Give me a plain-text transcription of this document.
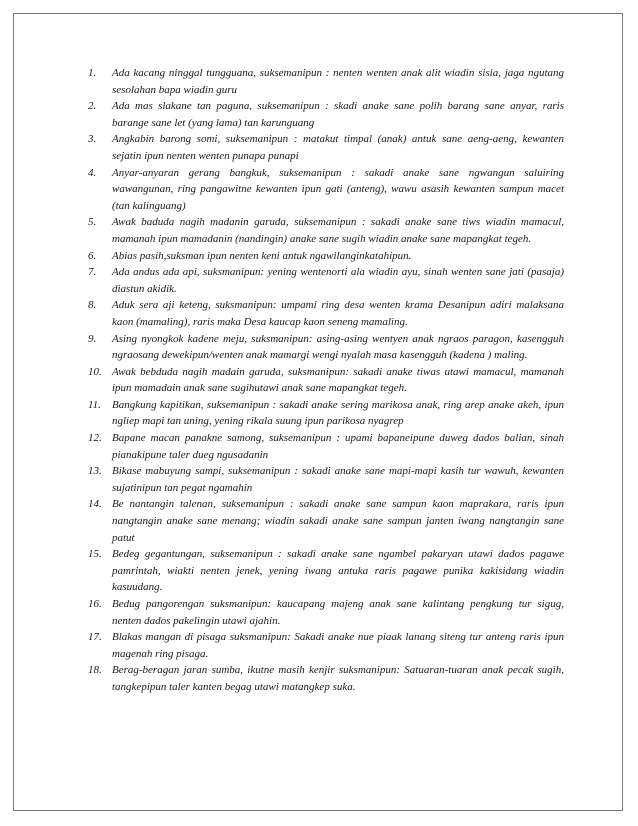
1.	Ada kacang ninggal tungguana, suksemanipun : nenten wenten anak alit wiadin sisia, jaga ngutang sesolahan bapa wiadin guru
2.	Ada mas slakane tan paguna, suksemanipun : skadi anake sane polih barang sane anyar, raris barange sane let (yang lama) tan karunguang
3.	Angkabin barong somi, suksemanipun : matakut timpal (anak) antuk sane aeng-aeng, kewanten sejatin ipun nenten wenten punapa punapi
4.	Anyar-anyaran gerang bangkuk, suksemanipun : sakadi anake sane ngwangun saluiring wawangunan, ring pangawitne kewanten ipun gati (anteng), wawu asasih kewanten sampun macet (tan kalinguang)
5.	Awak baduda nagih madanin garuda, suksemanipun : sakadi anake sane tiws wiadin mamacul, mamanah ipun mamadanin (nandingin) anake sane sugih wiadin anake sane mapangkat tegeh.
6.	Abias pasih,suksman ipun nenten keni antuk ngawilanginkatahipun.
7.	Ada andus ada api, suksmanipun: yening wentenorti ala wiadin ayu, sinah wenten sane jati (pasaja) diastun akidik.
8.	Aduk sera aji keteng, suksmanipun: umpami ring desa wenten krama Desanipun adiri malaksana kaon (mamaling), raris maka Desa kaucap kaon seneng mamaling.
9.	Asing nyongkok kadene meju, suksmanipun: asing-asing wentyen anak ngraos paragon, kasengguh ngraosang dewekipun/wenten anak mamargi wengi nyalah masa kasengguh (kadena ) maling.
10. Awak bebduda nagih madain garuda, suksmanipun: sakadi anake tiwas utawi mamacul, mamanah ipun mamadain anak sane sugihutawi anak sane mapangkat tegeh.
11.	Bangkung kapitikan, suksemanipun : sakadi anake sering marikosa anak, ring arep anake akeh, ipun ngliep mapi tan uning, yening rikala suung ipun parikosa nyagrep
12. Bapane macan panakne samong, suksemanipun : upami bapaneipune duweg dados balian, sinah pianakipune taler dueg ngusadanin
13. Bikase mabuyung sampi, suksemanipun : sakadi anake sane mapi-mapi kasih tur wawuh, kewanten sujatinipun tan pegat ngamahin
14. Be nantangin talenan, suksemanipun : sakadi anake sane sampun kaon maprakara, raris ipun nangtangin anake sane menang; wiadin sakadi anake sane sampun janten iwang nangtangin sane patut
15. Bedeg gegantungan, suksemanipun : sakadi anake sane ngambel pakaryan utawi dados pagawe pamrintah, wiakti nenten jenek, yening iwang antuka raris pagawe punika kakisidang wiadin kasuudang.
16. Bedug pangorengan suksmanipun: kaucapang majeng anak sane kalintang pengkung tur sigug, nenten dados pakelingin utawi ajahin.
17. Blakas mangan di pisaga suksmanipun: Sakadi anake nue piaak lanang siteng tur anteng raris ipun magenah ring pisaga.
18. Berag-beragan jaran sumba, ikutne masih kenjir suksmanipun: Satuaran-tuaran anak pecak sugih, tangkepipun taler kanten begag utawi matangkep suka.
